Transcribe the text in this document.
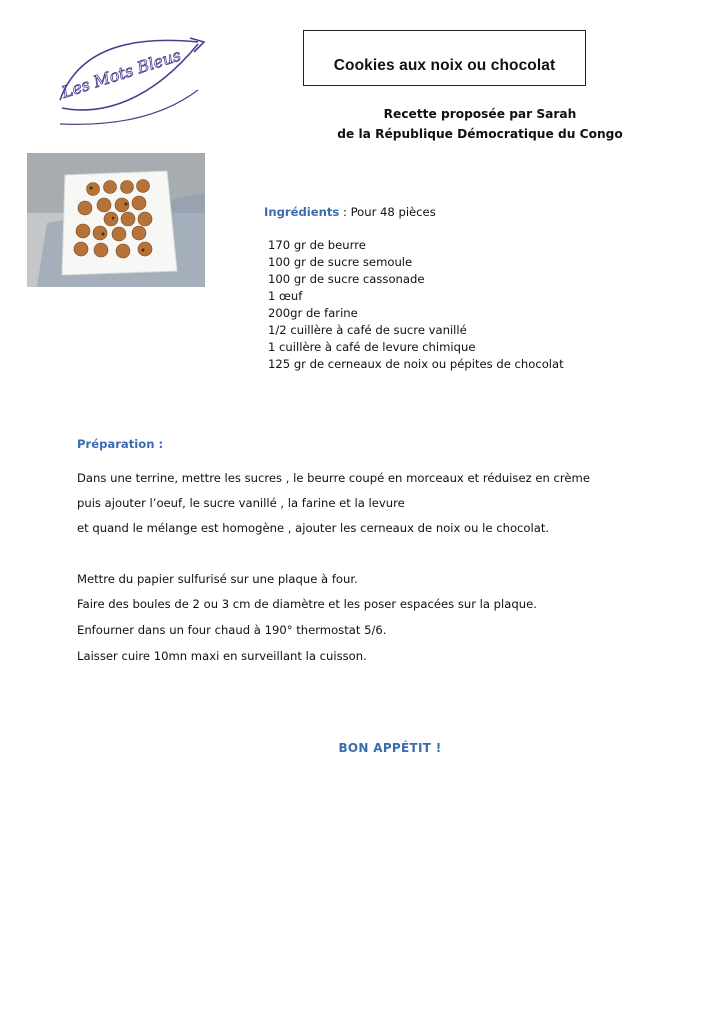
Les Mots Bleus	Cookies aux noix ou chocolat
Recette proposée par Sarah
de la République Démocratique du Congo
Ingrédients : Pour 48 pièces
170 gr de beurre
100 gr de sucre semoule
100 gr de sucre cassonade
1 œuf
200gr de farine
1/2 cuillère à café de sucre vanillé
1 cuillère à café de levure chimique
125 gr de cerneaux de noix ou pépites de chocolat
Préparation :
Dans une terrine, mettre les sucres , le beurre coupé en morceaux et réduisez en crème
puis ajouter l’oeuf, le sucre vanillé , la farine et la levure
et quand le mélange est homogène , ajouter les cerneaux de noix ou le chocolat.
Mettre du papier sulfurisé sur une plaque à four.
Faire des boules de 2 ou 3 cm de diamètre et les poser espacées sur la plaque.
Enfourner dans un four chaud à 190° thermostat 5/6.
Laisser cuire 10mn maxi en surveillant la cuisson.
BON APPÉTIT !
